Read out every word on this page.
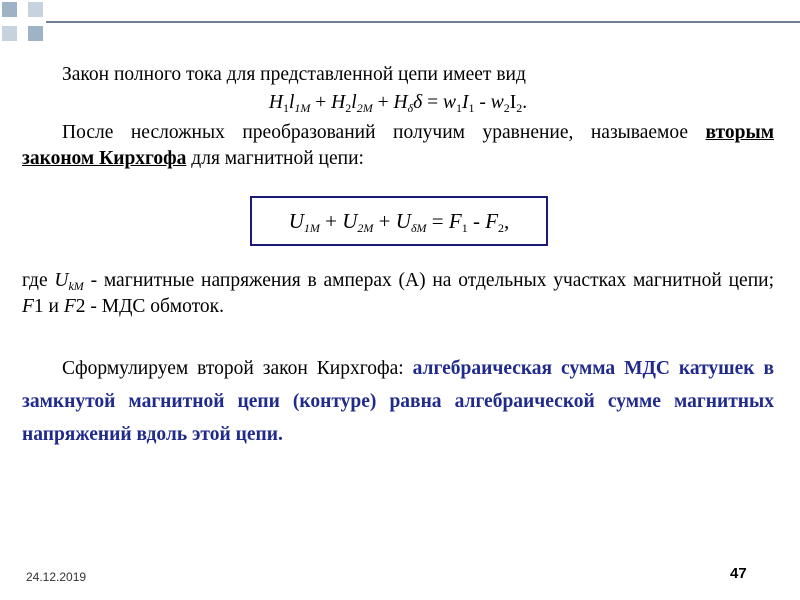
Закон полного тока для представленной цепи имеет вид
$H_1l_{1М} + H_2l_{2М} + H_\delta\delta = w_1I_1 - w_2I_2$.
После несложных преобразований получим уравнение, называемое вторым законом Кирхгофа для магнитной цепи:
$U_{1М} + U_{2М} + U_{\delta М} = F_1 - F_2$,
где $U_{kМ}$ - магнитные напряжения в амперах (А) на отдельных участках магнитной цепи; F1 и F2 - МДС обмоток.
Сформулируем второй закон Кирхгофа: алгебраическая сумма МДС катушек в замкнутой магнитной цепи (контуре) равна алгебраической сумме магнитных напряжений вдоль этой цепи.
24.12.2019	47
